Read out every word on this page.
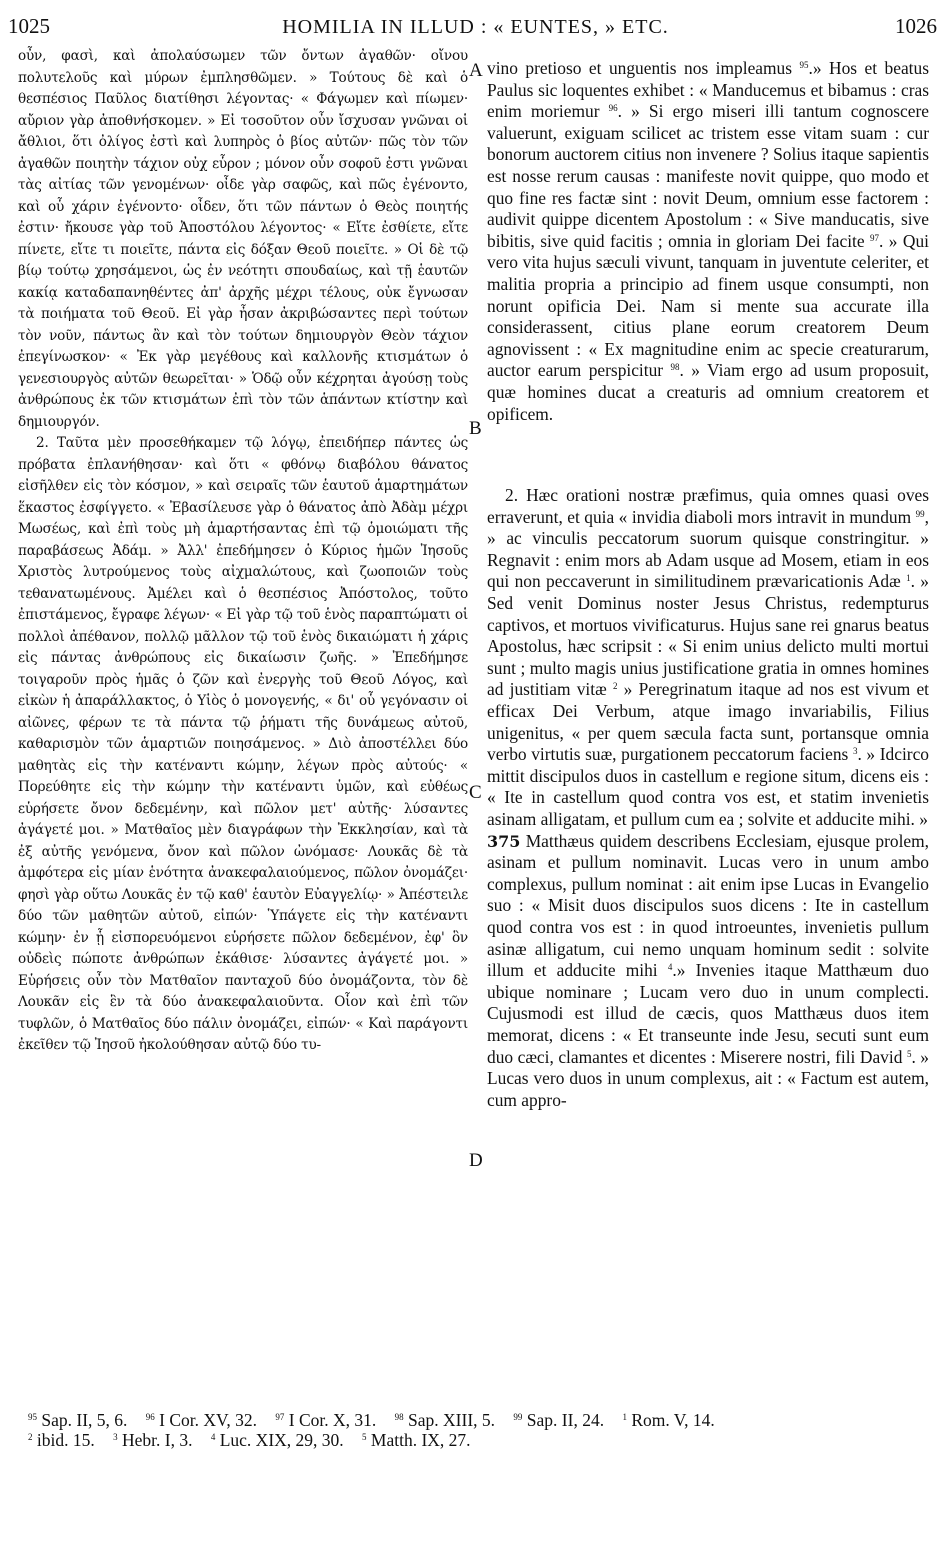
1025	HOMILIA IN ILLUD : « EUNTES, » ETC.	1026
A
B
C
D

οὖν, φασὶ, καὶ ἀπολαύσωμεν τῶν ὄντων ἀγαθῶν· οἴνου πολυτελοῦς καὶ μύρων ἐμπλησθῶμεν. » Τούτους δὲ καὶ ὁ θεσπέσιος Παῦλος διατίθησι λέγοντας· « Φάγωμεν καὶ πίωμεν· αὔριον γὰρ ἀποθνήσκομεν. » Εἰ τοσοῦτον οὖν ἴσχυσαν γνῶναι οἱ ἄθλιοι, ὅτι ὀλίγος ἐστὶ καὶ λυπηρὸς ὁ βίος αὐτῶν· πῶς τὸν τῶν ἀγαθῶν ποιητὴν τάχιον οὐχ εὗρον ; μόνον οὖν σοφοῦ ἐστι γνῶναι τὰς αἰτίας τῶν γενομένων· οἶδε γὰρ σαφῶς, καὶ πῶς ἐγένοντο, καὶ οὗ χάριν ἐγένοντο· οἶδεν, ὅτι τῶν πάντων ὁ Θεὸς ποιητής ἐστιν· ἤκουσε γὰρ τοῦ Ἀποστόλου λέγοντος· « Εἴτε ἐσθίετε, εἴτε πίνετε, εἴτε τι ποιεῖτε, πάντα εἰς δόξαν Θεοῦ ποιεῖτε. » Οἱ δὲ τῷ βίῳ τούτῳ χρησάμενοι, ὡς ἐν νεότητι σπουδαίως, καὶ τῇ ἑαυτῶν κακίᾳ καταδαπανηθέντες ἀπ' ἀρχῆς μέχρι τέλους, οὐκ ἔγνωσαν τὰ ποιήματα τοῦ Θεοῦ. Εἰ γὰρ ἦσαν ἀκριβώσαντες περὶ τούτων τὸν νοῦν, πάντως ἂν καὶ τὸν τούτων δημιουργὸν Θεὸν τάχιον ἐπεγίνωσκον· « Ἐκ γὰρ μεγέθους καὶ καλλονῆς κτισμάτων ὁ γενεσιουργὸς αὐτῶν θεωρεῖται· » Ὁδῷ οὖν κέχρηται ἀγούσῃ τοὺς ἀνθρώπους ἐκ τῶν κτισμάτων ἐπὶ τὸν τῶν ἁπάντων κτίστην καὶ δημιουργόν.

2. Ταῦτα μὲν προσεθήκαμεν τῷ λόγῳ, ἐπειδήπερ πάντες ὡς πρόβατα ἐπλανήθησαν· καὶ ὅτι « φθόνῳ διαβόλου θάνατος εἰσῆλθεν εἰς τὸν κόσμον, » καὶ σειραῖς τῶν ἑαυτοῦ ἁμαρτημάτων ἕκαστος ἐσφίγγετο. « Ἐβασίλευσε γὰρ ὁ θάνατος ἀπὸ Ἀδὰμ μέχρι Μωσέως, καὶ ἐπὶ τοὺς μὴ ἁμαρτήσαντας ἐπὶ τῷ ὁμοιώματι τῆς παραβάσεως Ἀδάμ. » Ἀλλ' ἐπεδήμησεν ὁ Κύριος ἡμῶν Ἰησοῦς Χριστὸς λυτρούμενος τοὺς αἰχμαλώτους, καὶ ζωοποιῶν τοὺς τεθανατωμένους. Ἀμέλει καὶ ὁ θεσπέσιος Ἀπόστολος, τοῦτο ἐπιστάμενος, ἔγραφε λέγων· « Εἰ γὰρ τῷ τοῦ ἑνὸς παραπτώματι οἱ πολλοὶ ἀπέθανον, πολλῷ μᾶλλον τῷ τοῦ ἑνὸς δικαιώματι ἡ χάρις εἰς πάντας ἀνθρώπους εἰς δικαίωσιν ζωῆς. » Ἐπεδήμησε τοιγαροῦν πρὸς ἡμᾶς ὁ ζῶν καὶ ἐνεργὴς τοῦ Θεοῦ Λόγος, καὶ εἰκὼν ἡ ἀπαράλλακτος, ὁ Υἱὸς ὁ μονογενής, « δι' οὗ γεγόνασιν οἱ αἰῶνες, φέρων τε τὰ πάντα τῷ ῥήματι τῆς δυνάμεως αὐτοῦ, καθαρισμὸν τῶν ἁμαρτιῶν ποιησάμενος. » Διὸ ἀποστέλλει δύο μαθητὰς εἰς τὴν κατέναντι κώμην, λέγων πρὸς αὐτούς· « Πορεύθητε εἰς τὴν κώμην τὴν κατέναντι ὑμῶν, καὶ εὐθέως εὑρήσετε ὄνον δεδεμένην, καὶ πῶλον μετ' αὐτῆς· λύσαντες ἀγάγετέ μοι. » Ματθαῖος μὲν διαγράφων τὴν Ἐκκλησίαν, καὶ τὰ ἐξ αὐτῆς γενόμενα, ὄνον καὶ πῶλον ὠνόμασε· Λουκᾶς δὲ τὰ ἀμφότερα εἰς μίαν ἑνότητα ἀνακεφαλαιούμενος, πῶλον ὀνομάζει· φησὶ γὰρ οὕτω Λουκᾶς ἐν τῷ καθ' ἑαυτὸν Εὐαγγελίῳ· » Ἀπέστειλε δύο τῶν μαθητῶν αὐτοῦ, εἰπών· Ὑπάγετε εἰς τὴν κατέναντι κώμην· ἐν ᾗ εἰσπορευόμενοι εὑρήσετε πῶλον δεδεμένον, ἐφ' ὃν οὐδεὶς πώποτε ἀνθρώπων ἐκάθισε· λύσαντες ἀγάγετέ μοι. » Εὑρήσεις οὖν τὸν Ματθαῖον πανταχοῦ δύο ὀνομάζοντα, τὸν δὲ Λουκᾶν εἰς ἓν τὰ δύο ἀνακεφαλαιοῦντα. Οἷον καὶ ἐπὶ τῶν τυφλῶν, ὁ Ματθαῖος δύο πάλιν ὀνομάζει, εἰπών· « Καὶ παράγοντι ἐκεῖθεν τῷ Ἰησοῦ ἠκολούθησαν αὐτῷ δύο τυ-

vino pretioso et unguentis nos impleamus $^{95}$.» Hos et beatus Paulus sic loquentes exhibet : « Manducemus et bibamus : cras enim moriemur $^{96}$. » Si ergo miseri illi tantum cognoscere valuerunt, exiguam scilicet ac tristem esse vitam suam : cur bonorum auctorem citius non invenere ? Solius itaque sapientis est nosse rerum causas : manifeste novit quippe, quo modo et quo fine res factæ sint : novit Deum, omnium esse factorem : audivit quippe dicentem Apostolum : « Sive manducatis, sive bibitis, sive quid facitis ; omnia in gloriam Dei facite $^{97}$. » Qui vero vita hujus sæculi vivunt, tanquam in juventute celeriter, et malitia propria a principio ad finem usque consumpti, non norunt opificia Dei. Nam si mente sua accurate illa considerassent, citius plane eorum creatorem Deum agnovissent : « Ex magnitudine enim ac specie creaturarum, auctor earum perspicitur $^{98}$. » Viam ergo ad usum proposuit, quæ homines ducat a creaturis ad omnium creatorem et opificem.

2. Hæc orationi nostræ præfimus, quia omnes quasi oves erraverunt, et quia « invidia diaboli mors intravit in mundum $^{99}$, » ac vinculis peccatorum suorum quisque constringitur. » Regnavit : enim mors ab Adam usque ad Mosem, etiam in eos qui non peccaverunt in similitudinem prævaricationis Adæ $^1$. » Sed venit Dominus noster Jesus Christus, redempturus captivos, et mortuos vivificaturus. Hujus sane rei gnarus beatus Apostolus, hæc scripsit : « Si enim unius delicto multi mortui sunt ; multo magis unius justificatione gratia in omnes homines ad justitiam vitæ $^2$ » Peregrinatum itaque ad nos est vivum et efficax Dei Verbum, atque imago invariabilis, Filius unigenitus, « per quem sæcula facta sunt, portansque omnia verbo virtutis suæ, purgationem peccatorum faciens $^3$. » Idcirco mittit discipulos duos in castellum e regione situm, dicens eis : « Ite in castellum quod contra vos est, et statim invenietis asinam alligatam, et pullum cum ea ; solvite et adducite mihi. »
375 Matthæus quidem describens Ecclesiam, ejusque prolem, asinam et pullum nominavit. Lucas vero in unum ambo complexus, pullum nominat : ait enim ipse Lucas in Evangelio suo : « Misit duos discipulos suos dicens : Ite in castellum quod contra vos est : in quod introeuntes, invenietis pullum asinæ alligatum, cui nemo unquam hominum sedit : solvite illum et adducite mihi $^4$.» Invenies itaque Matthæum duo ubique nominare ; Lucam vero duo in unum complecti. Cujusmodi est illud de cæcis, quos Matthæus duos item memorat, dicens : « Et transeunte inde Jesu, secuti sunt eum duo cæci, clamantes et dicentes : Miserere nostri, fili David $^5$. » Lucas vero duos in unum complexus, ait : « Factum est autem, cum appro-

$^{95}$ Sap. II, 5, 6. $^{96}$ I Cor. XV, 32. $^{97}$ I Cor. X, 31. $^{98}$ Sap. XIII, 5. $^{99}$ Sap. II, 24. $^1$ Rom. V, 14.
$^2$ ibid. 15. $^3$ Hebr. I, 3. $^4$ Luc. XIX, 29, 30. $^5$ Matth. IX, 27.
